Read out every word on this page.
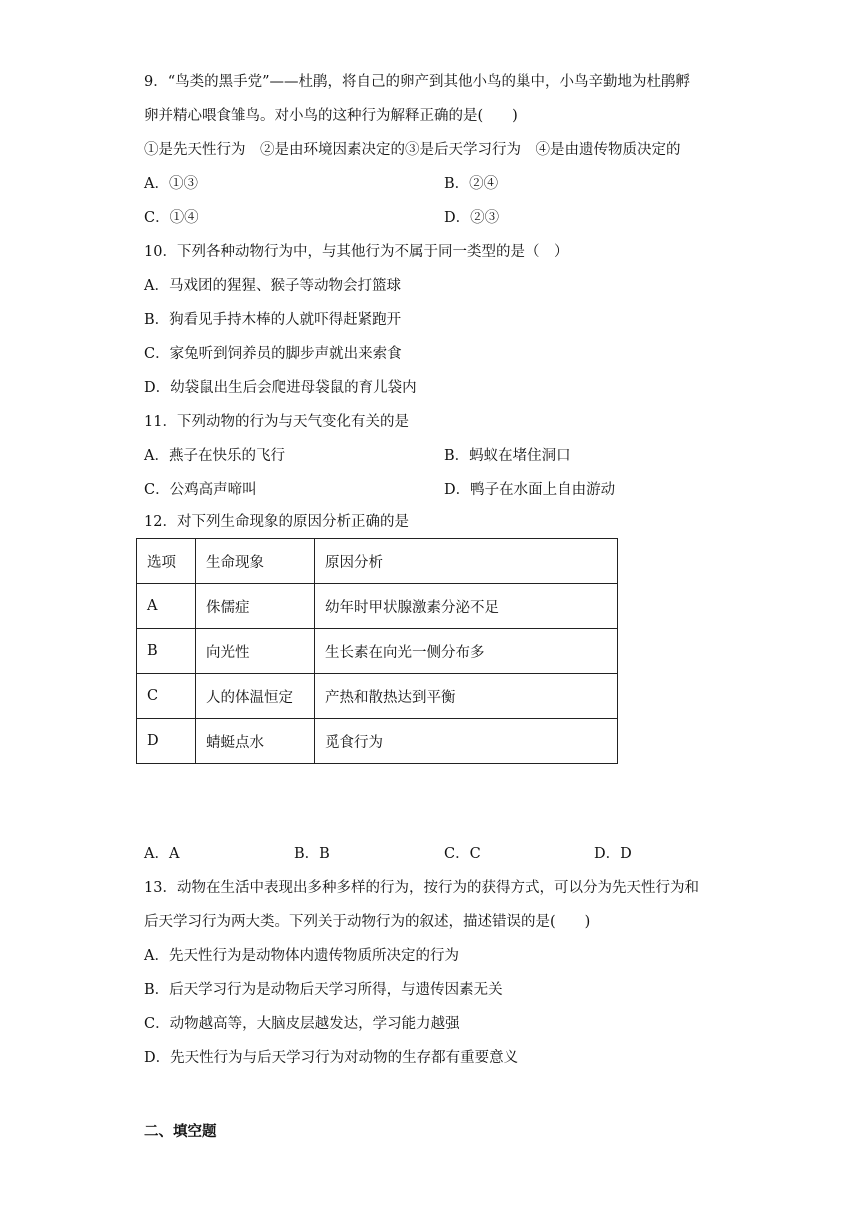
9．“鸟类的黑手党”——杜鹃，将自己的卵产到其他小鸟的巢中，小鸟辛勤地为杜鹃孵
卵并精心喂食雏鸟。对小鸟的这种行为解释正确的是(　　)
①是先天性行为　②是由环境因素决定的③是后天学习行为　④是由遗传物质决定的
A．①③	B．②④
C．①④	D．②③
10．下列各种动物行为中，与其他行为不属于同一类型的是（　）
A．马戏团的猩猩、猴子等动物会打篮球
B．狗看见手持木棒的人就吓得赶紧跑开
C．家兔听到饲养员的脚步声就出来索食
D．幼袋鼠出生后会爬进母袋鼠的育儿袋内
11．下列动物的行为与天气变化有关的是
A．燕子在快乐的飞行	B．蚂蚁在堵住洞口
C．公鸡高声啼叫	D．鸭子在水面上自由游动
12．对下列生命现象的原因分析正确的是
选项	生命现象	原因分析
A	侏儒症	幼年时甲状腺激素分泌不足
B	向光性	生长素在向光一侧分布多
C	人的体温恒定	产热和散热达到平衡
D	蜻蜓点水	觅食行为
A．A	B．B	C．C	D．D
13．动物在生活中表现出多种多样的行为，按行为的获得方式，可以分为先天性行为和
后天学习行为两大类。下列关于动物行为的叙述，描述错误的是(　　)
A．先天性行为是动物体内遗传物质所决定的行为
B．后天学习行为是动物后天学习所得，与遗传因素无关
C．动物越高等，大脑皮层越发达，学习能力越强
D．先天性行为与后天学习行为对动物的生存都有重要意义
二、填空题
